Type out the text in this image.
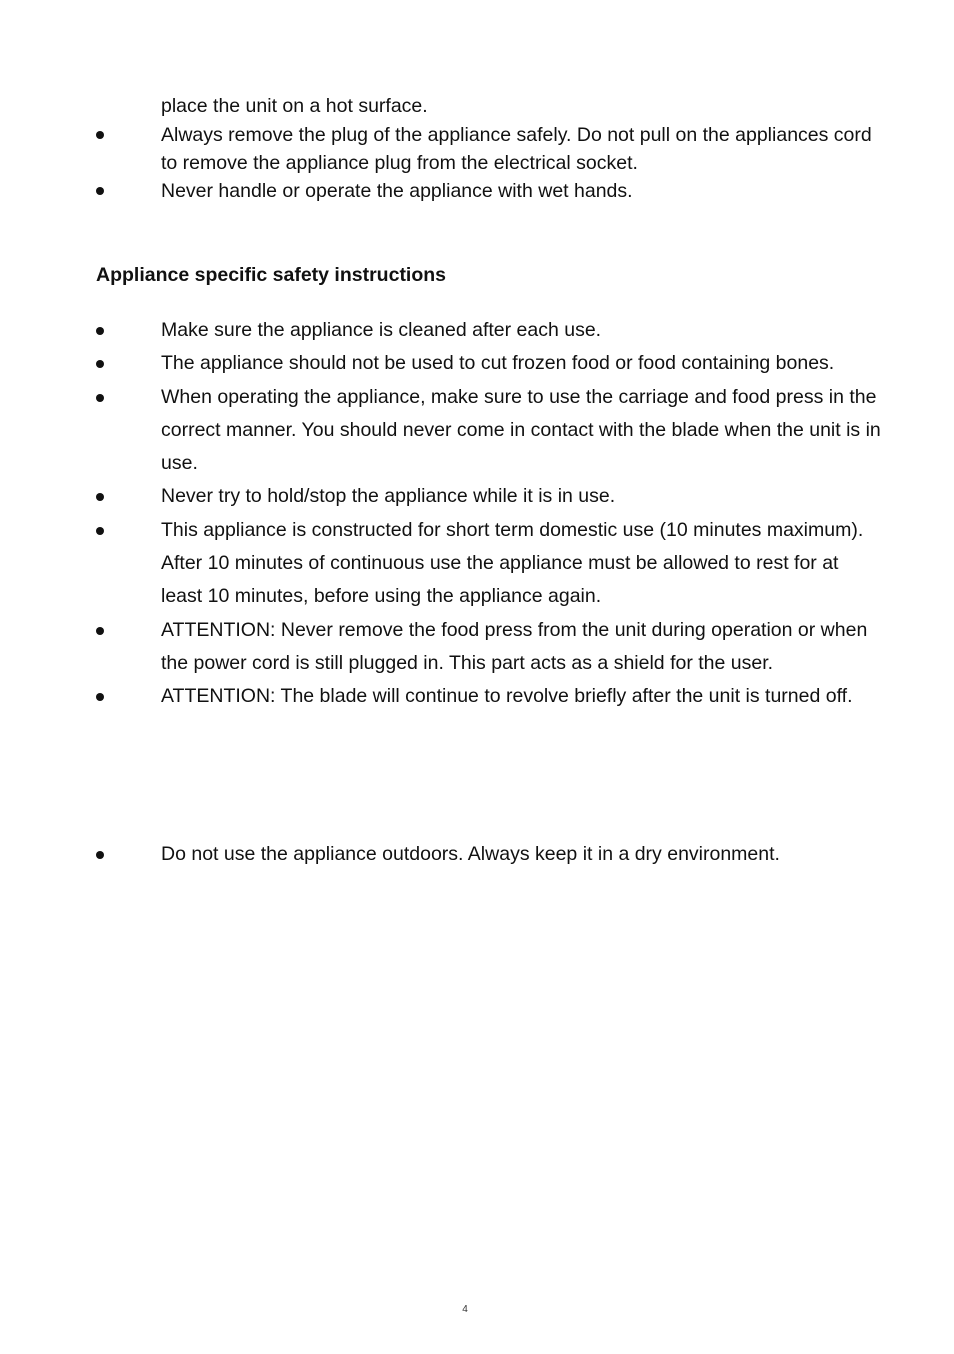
place the unit on a hot surface.
Always remove the plug of the appliance safely. Do not pull on the appliances cord to remove the appliance plug from the electrical socket.
Never handle or operate the appliance with wet hands.
Appliance specific safety instructions
Make sure the appliance is cleaned after each use.
The appliance should not be used to cut frozen food or food containing bones.
When operating the appliance, make sure to use the carriage and food press in the correct manner. You should never come in contact with the blade when the unit is in use.
Never try to hold/stop the appliance while it is in use.
This appliance is constructed for short term domestic use (10 minutes maximum). After 10 minutes of continuous use the appliance must be allowed to rest for at least 10 minutes, before using the appliance again.
ATTENTION: Never remove the food press from the unit during operation or when the power cord is still plugged in. This part acts as a shield for the user.
ATTENTION: The blade will continue to revolve briefly after the unit is turned off.
Do not use the appliance outdoors. Always keep it in a dry environment.
4
